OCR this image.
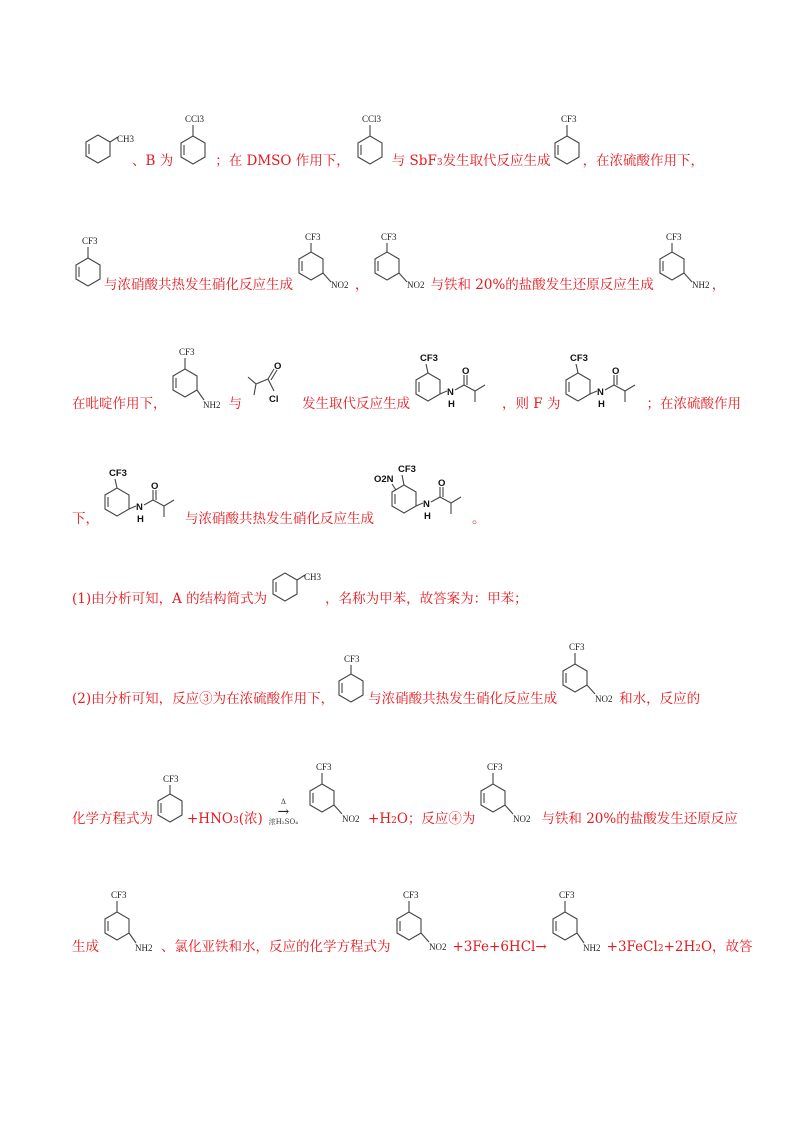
CH3
、B 为
CCl3
；在 DMSO 作用下，
CCl3
与 SbF 3 发生取代反应生成
CF3
，在浓硫酸作用下，
CF3
与浓硝酸共热发生硝化反应生成
CF3
NO2 ，
CF3
NO2 与铁和 20%的盐酸发生还原反应生成
CF3
NH2 ，
在吡啶作用下，
CF3
NH2 与
O
Cl 发生取代反应生成
CF3
N
H
O
，则 F 为
CF3
N
H
O
；在浓硫酸作用
下，
CF3
N
H
O
与浓硝酸共热发生硝化反应生成
O2N
CF3
N
H
O
。
(1)由分析可知，A 的结构简式为
CH3
，名称为甲苯，故答案为：甲苯；
(2)由分析可知，反应③为在浓硫酸作用下，
CF3
与浓硝酸共热发生硝化反应生成
CF3
NO2 和水，反应的
化学方程式为
CF3
+HNO 3 (浓)
Δ
→
浓H₂SO₄
CF3
NO2 +H 2 O；反应④为
CF3
NO2 与铁和 20%的盐酸发生还原反应
生成
CF3
NH2 、氯化亚铁和水，反应的化学方程式为
CF3
NO2 +3Fe+6HCl→
CF3
NH2 +3FeCl 2 +2H 2 O，故答
